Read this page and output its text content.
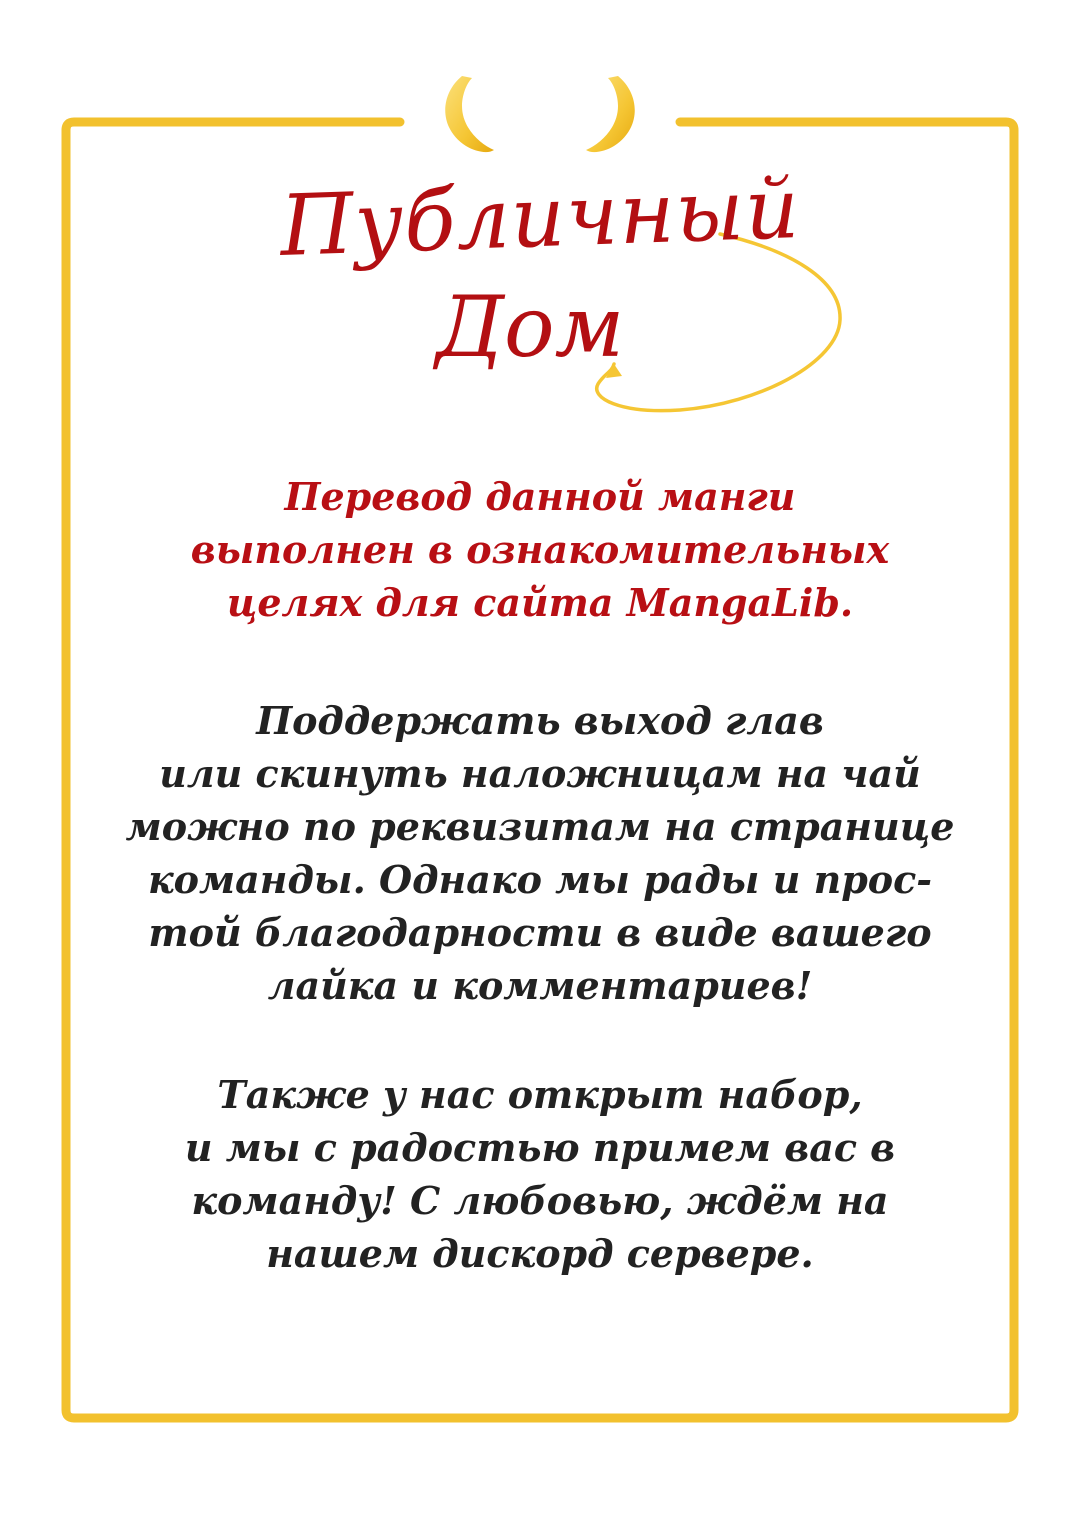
Публичный
Дом

Перевод данной манги
выполнен в ознакомительных
целях для сайта MangaLib.

Поддержать выход глав
или скинуть наложницам на чай
можно по реквизитам на странице
команды. Однако мы рады и прос-
той благодарности в виде вашего
лайка и комментариев!

Также у нас открыт набор,
и мы с радостью примем вас в
команду! С любовью, ждём на
нашем дискорд сервере.
